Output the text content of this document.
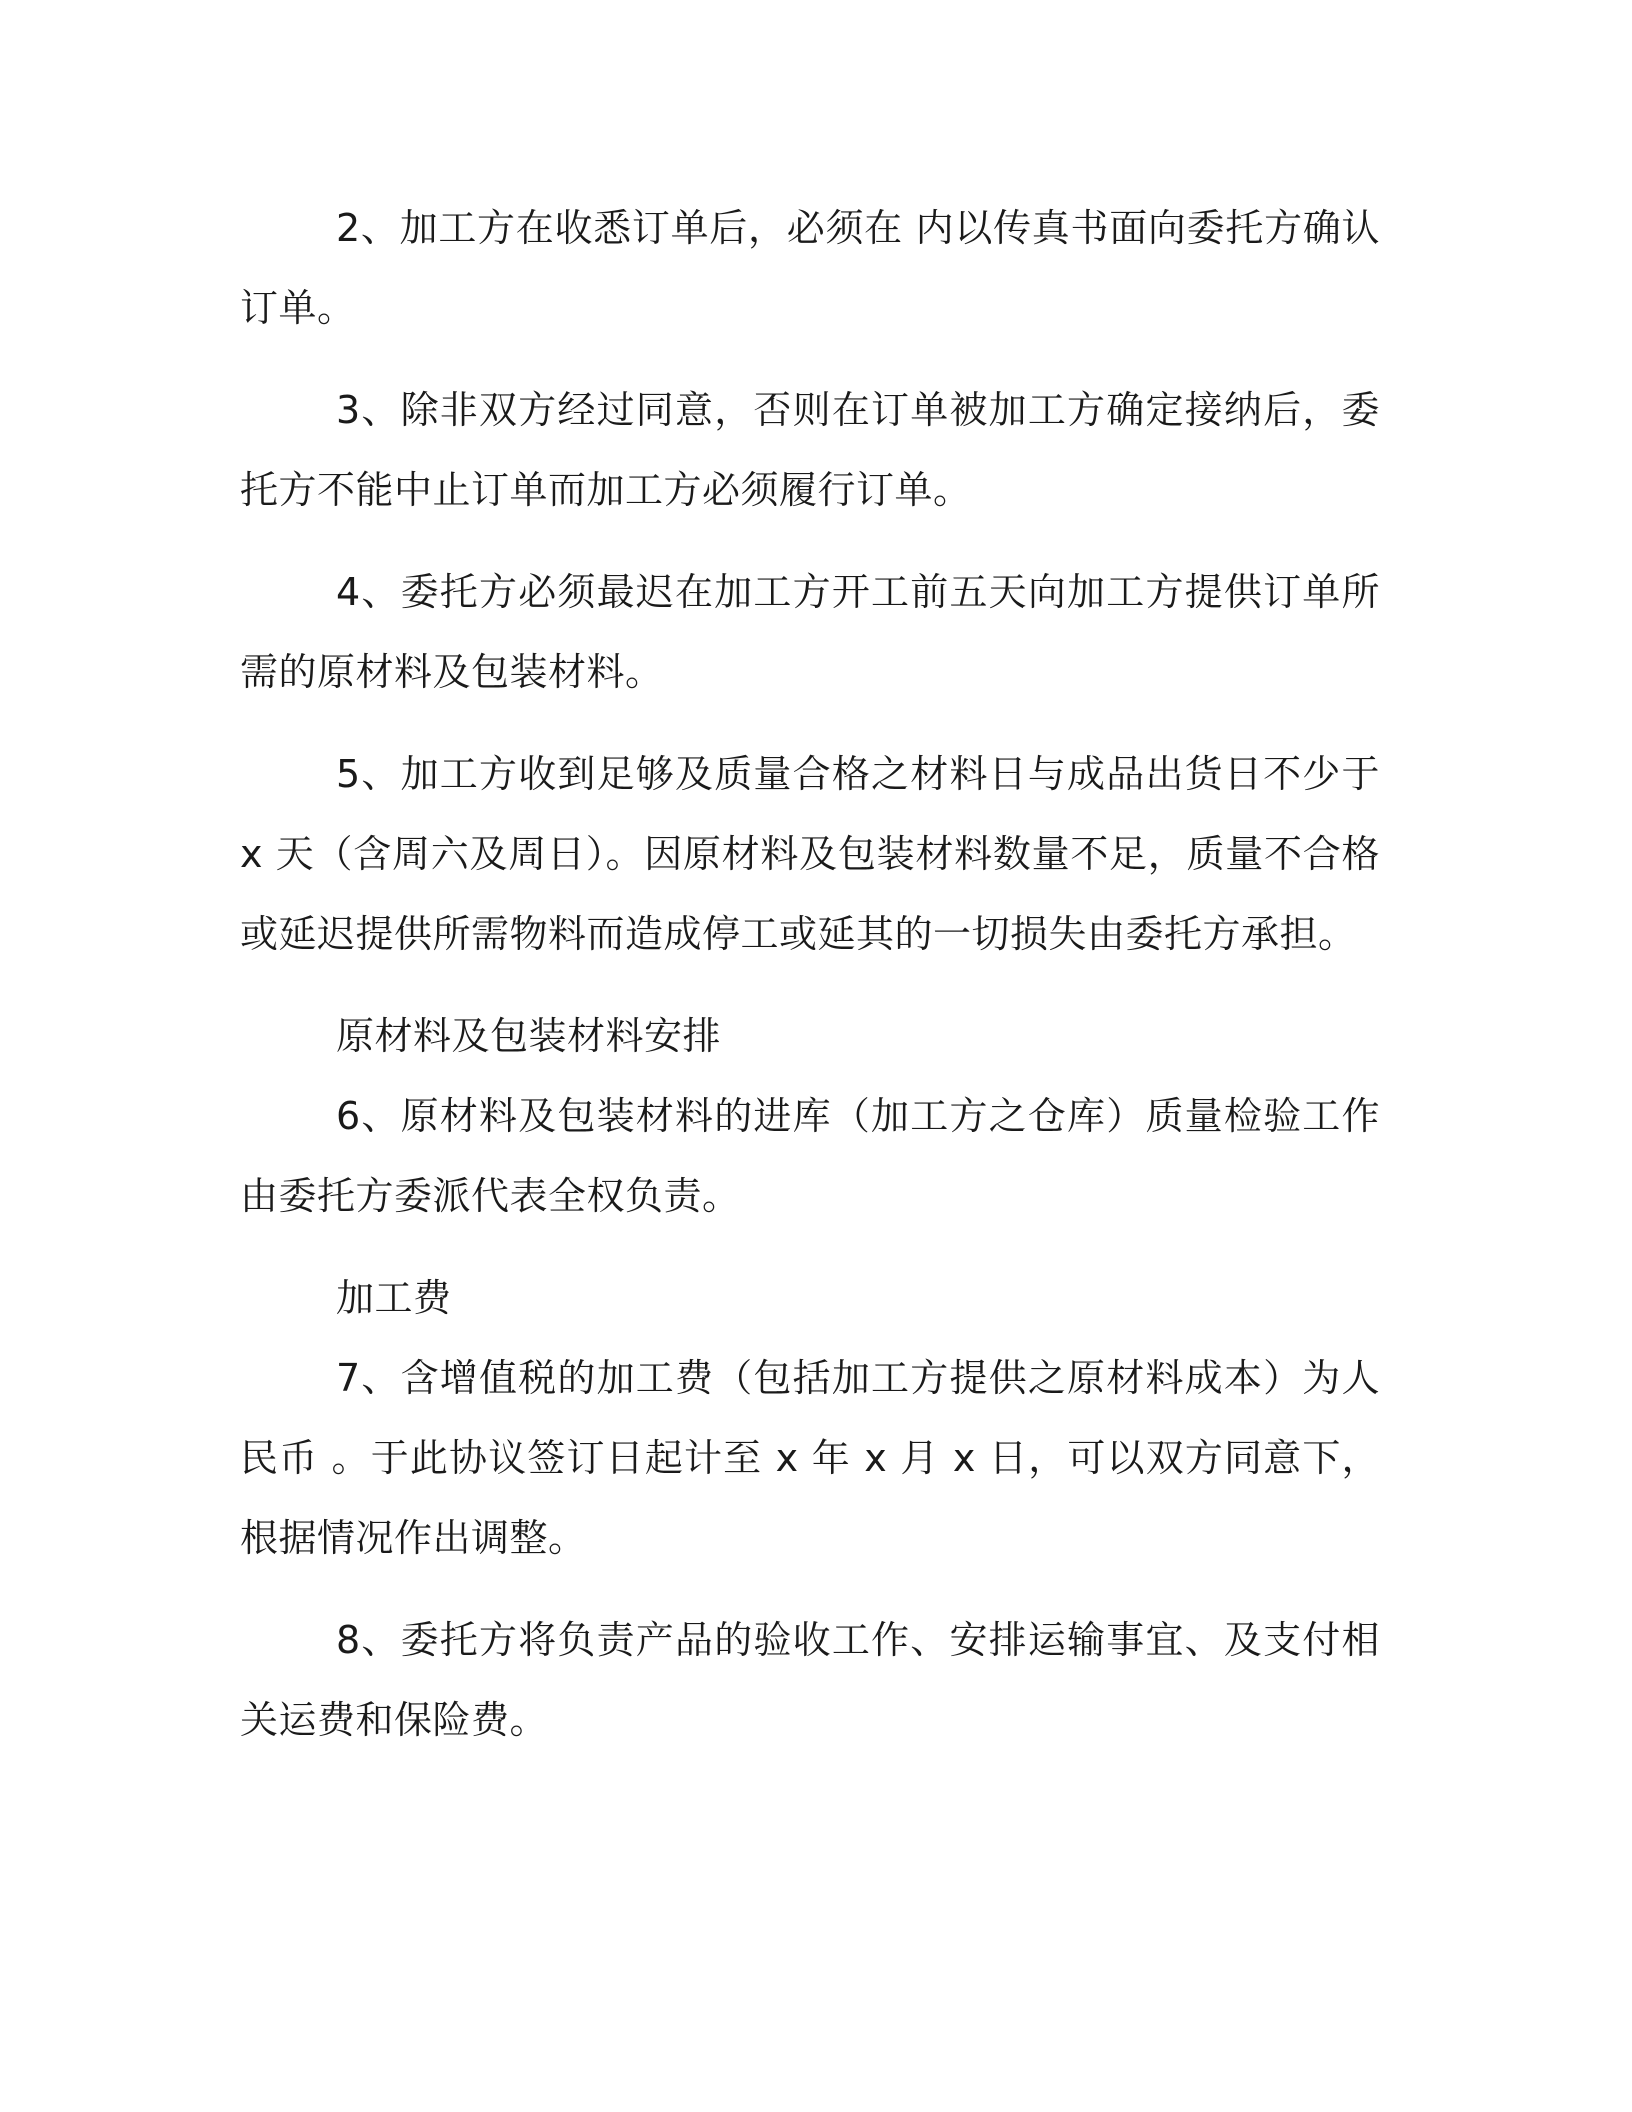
2、加工方在收悉订单后，必须在 内以传真书面向委托方确认订单。

3、除非双方经过同意，否则在订单被加工方确定接纳后，委托方不能中止订单而加工方必须履行订单。

4、委托方必须最迟在加工方开工前五天向加工方提供订单所需的原材料及包装材料。

5、加工方收到足够及质量合格之材料日与成品出货日不少于 x 天（含周六及周日）。因原材料及包装材料数量不足，质量不合格或延迟提供所需物料而造成停工或延其的一切损失由委托方承担。

原材料及包装材料安排

6、原材料及包装材料的进库（加工方之仓库）质量检验工作由委托方委派代表全权负责。

加工费

7、含增值税的加工费（包括加工方提供之原材料成本）为人民币 。于此协议签订日起计至 x 年 x 月 x 日，可以双方同意下，根据情况作出调整。

8、委托方将负责产品的验收工作、安排运输事宜、及支付相关运费和保险费。
